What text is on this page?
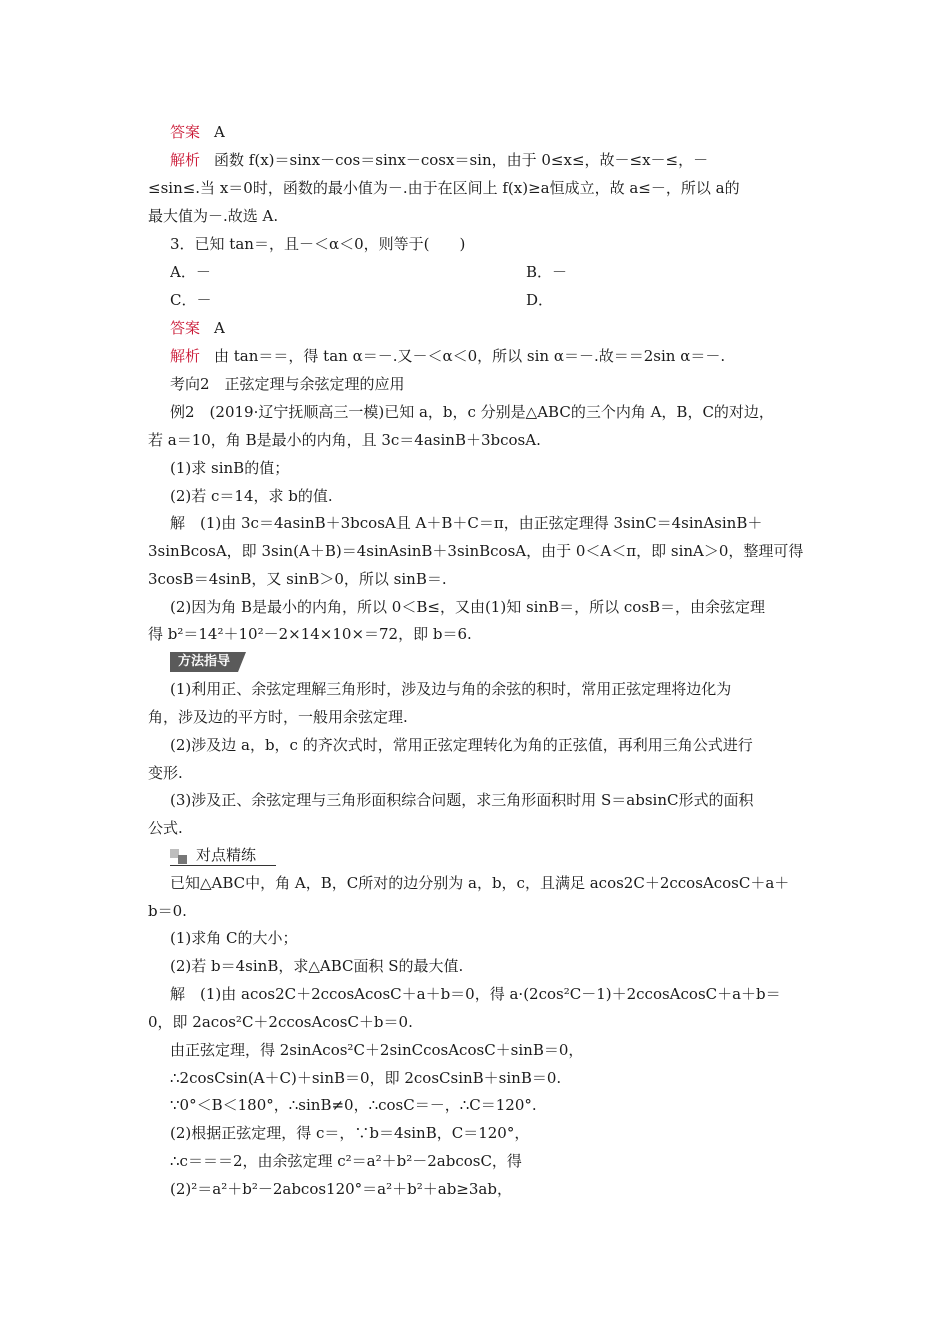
答案 A
解析 函数 f(x)＝sinx－cos＝sinx－cosx＝sin，由于 0≤x≤，故－≤x－≤，－
≤sin≤.当 x＝0时，函数的最小值为－.由于在区间上 f(x)≥a恒成立，故 a≤－，所以 a的
最大值为－.故选 A.
3．已知 tan＝，且－＜α＜0，则等于(　　)
A．－	B．－
C．－	D．
答案 A
解析 由 tan＝＝，得 tan α＝－.又－＜α＜0，所以 sin α＝－.故＝＝2sin α＝－.
考向2　正弦定理与余弦定理的应用
例2　(2019·辽宁抚顺高三一模)已知 a，b，c 分别是△ABC的三个内角 A，B，C的对边，
若 a＝10，角 B是最小的内角，且 3c＝4asinB＋3bcosA.
(1)求 sinB的值；
(2)若 c＝14，求 b的值.
解　(1)由 3c＝4asinB＋3bcosA且 A＋B＋C＝π，由正弦定理得 3sinC＝4sinAsinB＋
3sinBcosA，即 3sin(A＋B)＝4sinAsinB＋3sinBcosA，由于 0＜A＜π，即 sinA＞0，整理可得
3cosB＝4sinB，又 sinB＞0，所以 sinB＝.
(2)因为角 B是最小的内角，所以 0＜B≤，又由(1)知 sinB＝，所以 cosB＝，由余弦定理
得 b²＝14²＋10²－2×14×10×＝72，即 b＝6.
方法指导
(1)利用正、余弦定理解三角形时，涉及边与角的余弦的积时，常用正弦定理将边化为
角，涉及边的平方时，一般用余弦定理.
(2)涉及边 a，b，c 的齐次式时，常用正弦定理转化为角的正弦值，再利用三角公式进行
变形.
(3)涉及正、余弦定理与三角形面积综合问题，求三角形面积时用 S＝absinC形式的面积
公式.
对点精练
已知△ABC中，角 A，B，C所对的边分别为 a，b，c，且满足 acos2C＋2ccosAcosC＋a＋
b＝0.
(1)求角 C的大小；
(2)若 b＝4sinB，求△ABC面积 S的最大值.
解　(1)由 acos2C＋2ccosAcosC＋a＋b＝0，得 a·(2cos²C－1)＋2ccosAcosC＋a＋b＝
0，即 2acos²C＋2ccosAcosC＋b＝0.
由正弦定理，得 2sinAcos²C＋2sinCcosAcosC＋sinB＝0，
∴2cosCsin(A＋C)＋sinB＝0，即 2cosCsinB＋sinB＝0.
∵0°＜B＜180°，∴sinB≠0，∴cosC＝－，∴C＝120°.
(2)根据正弦定理，得 c＝，∵b＝4sinB，C＝120°，
∴c＝＝＝2，由余弦定理 c²＝a²＋b²－2abcosC，得
(2)²＝a²＋b²－2abcos120°＝a²＋b²＋ab≥3ab，
